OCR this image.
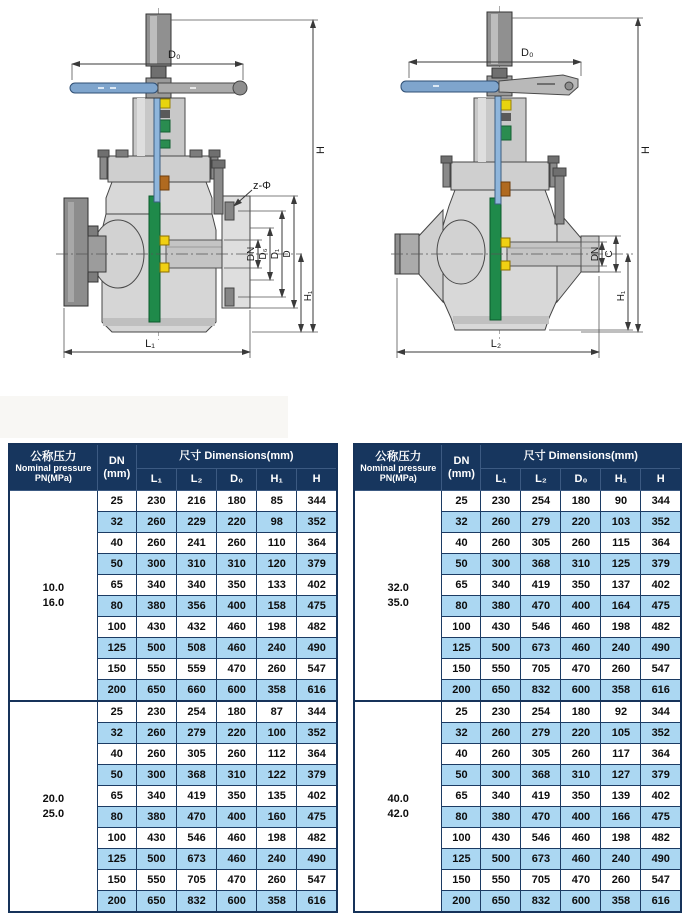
D₀
H
z-Φ
DN D₆ D₁ D
H₁
L₁
D₀
H
DN C
H₁
L₂
公称压力
Nominal pressure
PN(MPa)

DN
(mm)
	尺寸 Dimensions(mm)
		L₁	L₂	D₀	H₁	H

10.0
16.0	25	230	216	180	85	344
	32	260	229	220	98	352
	40	260	241	260	110	364
	50	300	310	310	120	379
	65	340	340	350	133	402
	80	380	356	400	158	475
	100	430	432	460	198	482
	125	500	508	460	240	490
	150	550	559	470	260	547
	200	650	660	600	358	616

20.0
25.0	25	230	254	180	87	344
	32	260	279	220	100	352
	40	260	305	260	112	364
	50	300	368	310	122	379
	65	340	419	350	135	402
	80	380	470	400	160	475
	100	430	546	460	198	482
	125	500	673	460	240	490
	150	550	705	470	260	547
	200	650	832	600	358	616
公称压力
Nominal pressure
PN(MPa)

DN
(mm)
	尺寸 Dimensions(mm)
		L₁	L₂	D₀	H₁	H

32.0
35.0	25	230	254	180	90	344
	32	260	279	220	103	352
	40	260	305	260	115	364
	50	300	368	310	125	379
	65	340	419	350	137	402
	80	380	470	400	164	475
	100	430	546	460	198	482
	125	500	673	460	240	490
	150	550	705	470	260	547
	200	650	832	600	358	616

40.0
42.0	25	230	254	180	92	344
	32	260	279	220	105	352
	40	260	305	260	117	364
	50	300	368	310	127	379
	65	340	419	350	139	402
	80	380	470	400	166	475
	100	430	546	460	198	482
	125	500	673	460	240	490
	150	550	705	470	260	547
	200	650	832	600	358	616
